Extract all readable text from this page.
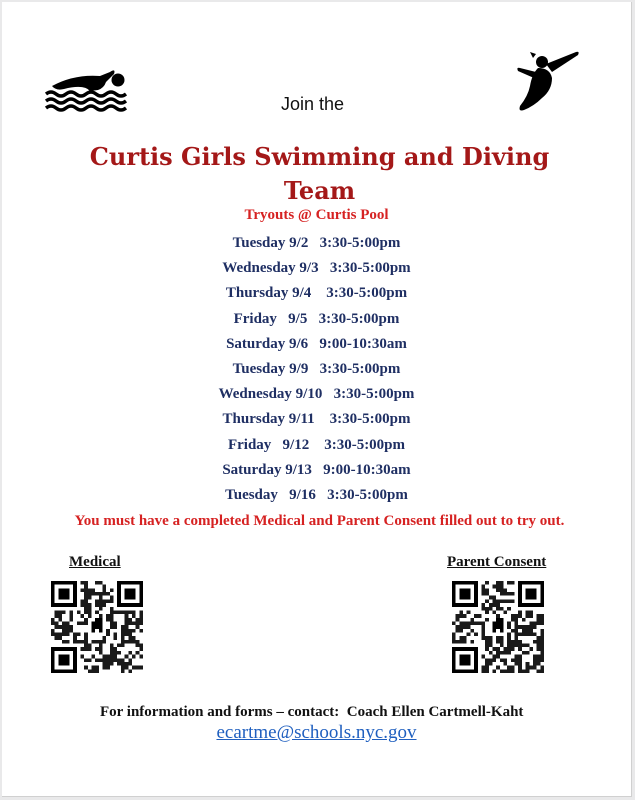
Join the
Curtis Girls Swimming and Diving Team
Tryouts @ Curtis Pool
Tuesday 9/2   3:30-5:00pm
Wednesday 9/3   3:30-5:00pm
Thursday 9/4    3:30-5:00pm
Friday   9/5   3:30-5:00pm
Saturday 9/6   9:00-10:30am
Tuesday 9/9   3:30-5:00pm
Wednesday 9/10   3:30-5:00pm
Thursday 9/11    3:30-5:00pm
Friday   9/12    3:30-5:00pm
Saturday 9/13   9:00-10:30am
Tuesday   9/16   3:30-5:00pm
You must have a completed Medical and Parent Consent filled out to try out.
Medical	Parent Consent
For information and forms – contact:  Coach Ellen Cartmell-Kaht
ecartme@schools.nyc.gov
